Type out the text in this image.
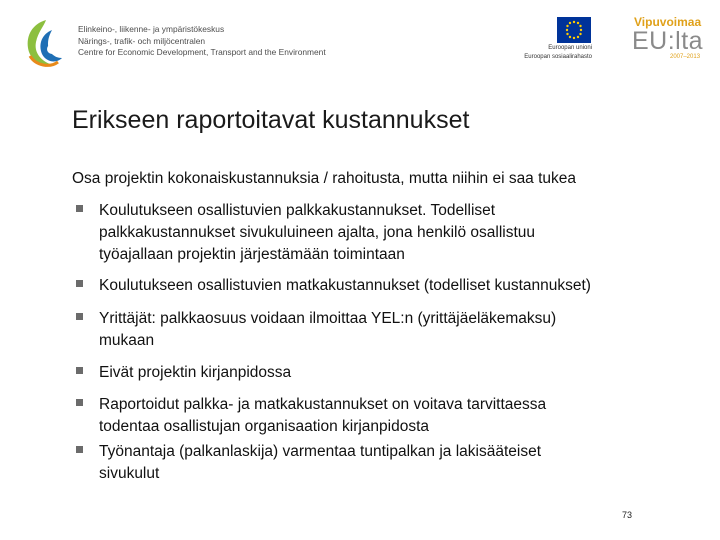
Elinkeino-, liikenne- ja ympäristökeskus
Närings-, trafik- och miljöcentralen
Centre for Economic Development, Transport and the Environment	Euroopan unioni
Euroopan sosiaalirahasto
Vipuvoimaa
EU:lta
2007–2013
Erikseen raportoitavat kustannukset
Osa projektin kokonaiskustannuksia / rahoitusta, mutta niihin ei saa tukea
Koulutukseen osallistuvien palkkakustannukset. Todelliset
palkkakustannukset sivukuluineen ajalta, jona henkilö osallistuu
työajallaan projektin järjestämään toimintaan
Koulutukseen osallistuvien matkakustannukset (todelliset kustannukset)
Yrittäjät: palkkaosuus voidaan ilmoittaa YEL:n (yrittäjäeläkemaksu)
mukaan
Eivät projektin kirjanpidossa
Raportoidut palkka- ja matkakustannukset on voitava tarvittaessa
todentaa osallistujan organisaation kirjanpidosta
Työnantaja (palkanlaskija) varmentaa tuntipalkan ja lakisääteiset
sivukulut
73
